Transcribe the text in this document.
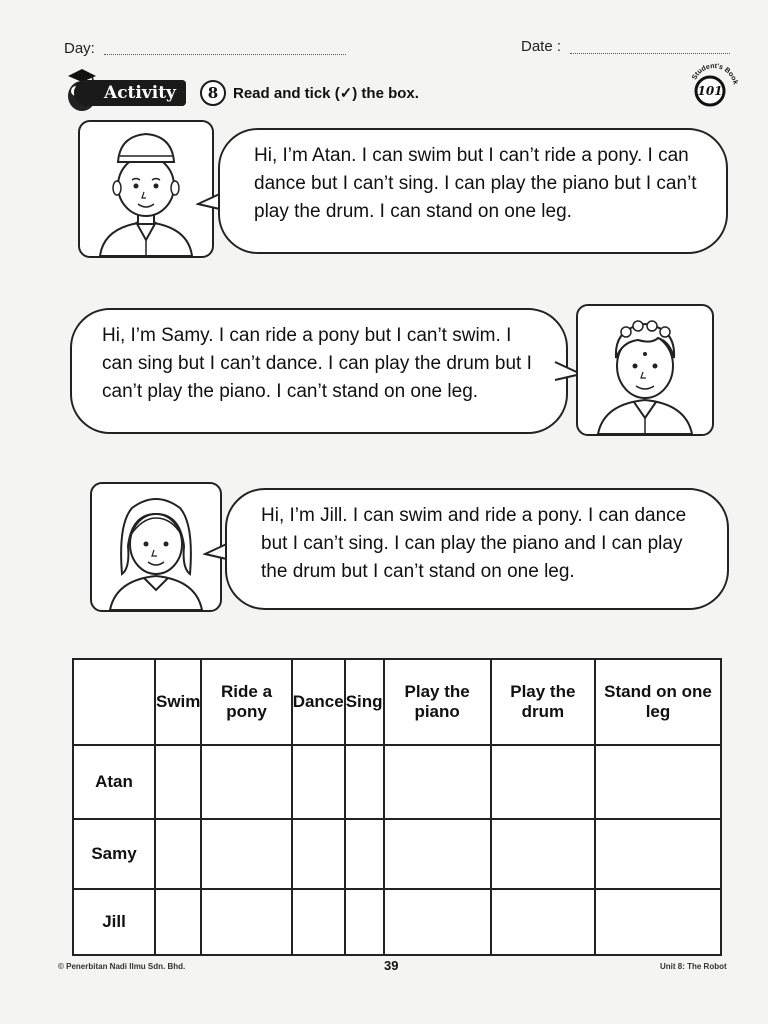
Day:	Date :
Activity	8 Read and tick (✓) the box.
Student's Book
101
Hi, I’m Atan. I can swim but I can’t ride a pony. I can dance but I can’t sing. I can play the piano but I can’t play the drum. I can stand on one leg.
Hi, I’m Samy. I can ride a pony but I can’t swim. I can sing but I can’t dance. I can play the drum but I can’t play the piano. I can’t stand on one leg.
Hi, I’m Jill. I can swim and ride a pony. I can dance but I can’t sing. I can play the piano and I can play the drum but I can’t stand on one leg.
	Swim	Ride a pony	Dance	Sing	Play the piano	Play the drum	Stand on one leg
Atan							
Samy							
Jill							
© Penerbitan Nadi Ilmu Sdn. Bhd.	39	Unit 8: The Robot
